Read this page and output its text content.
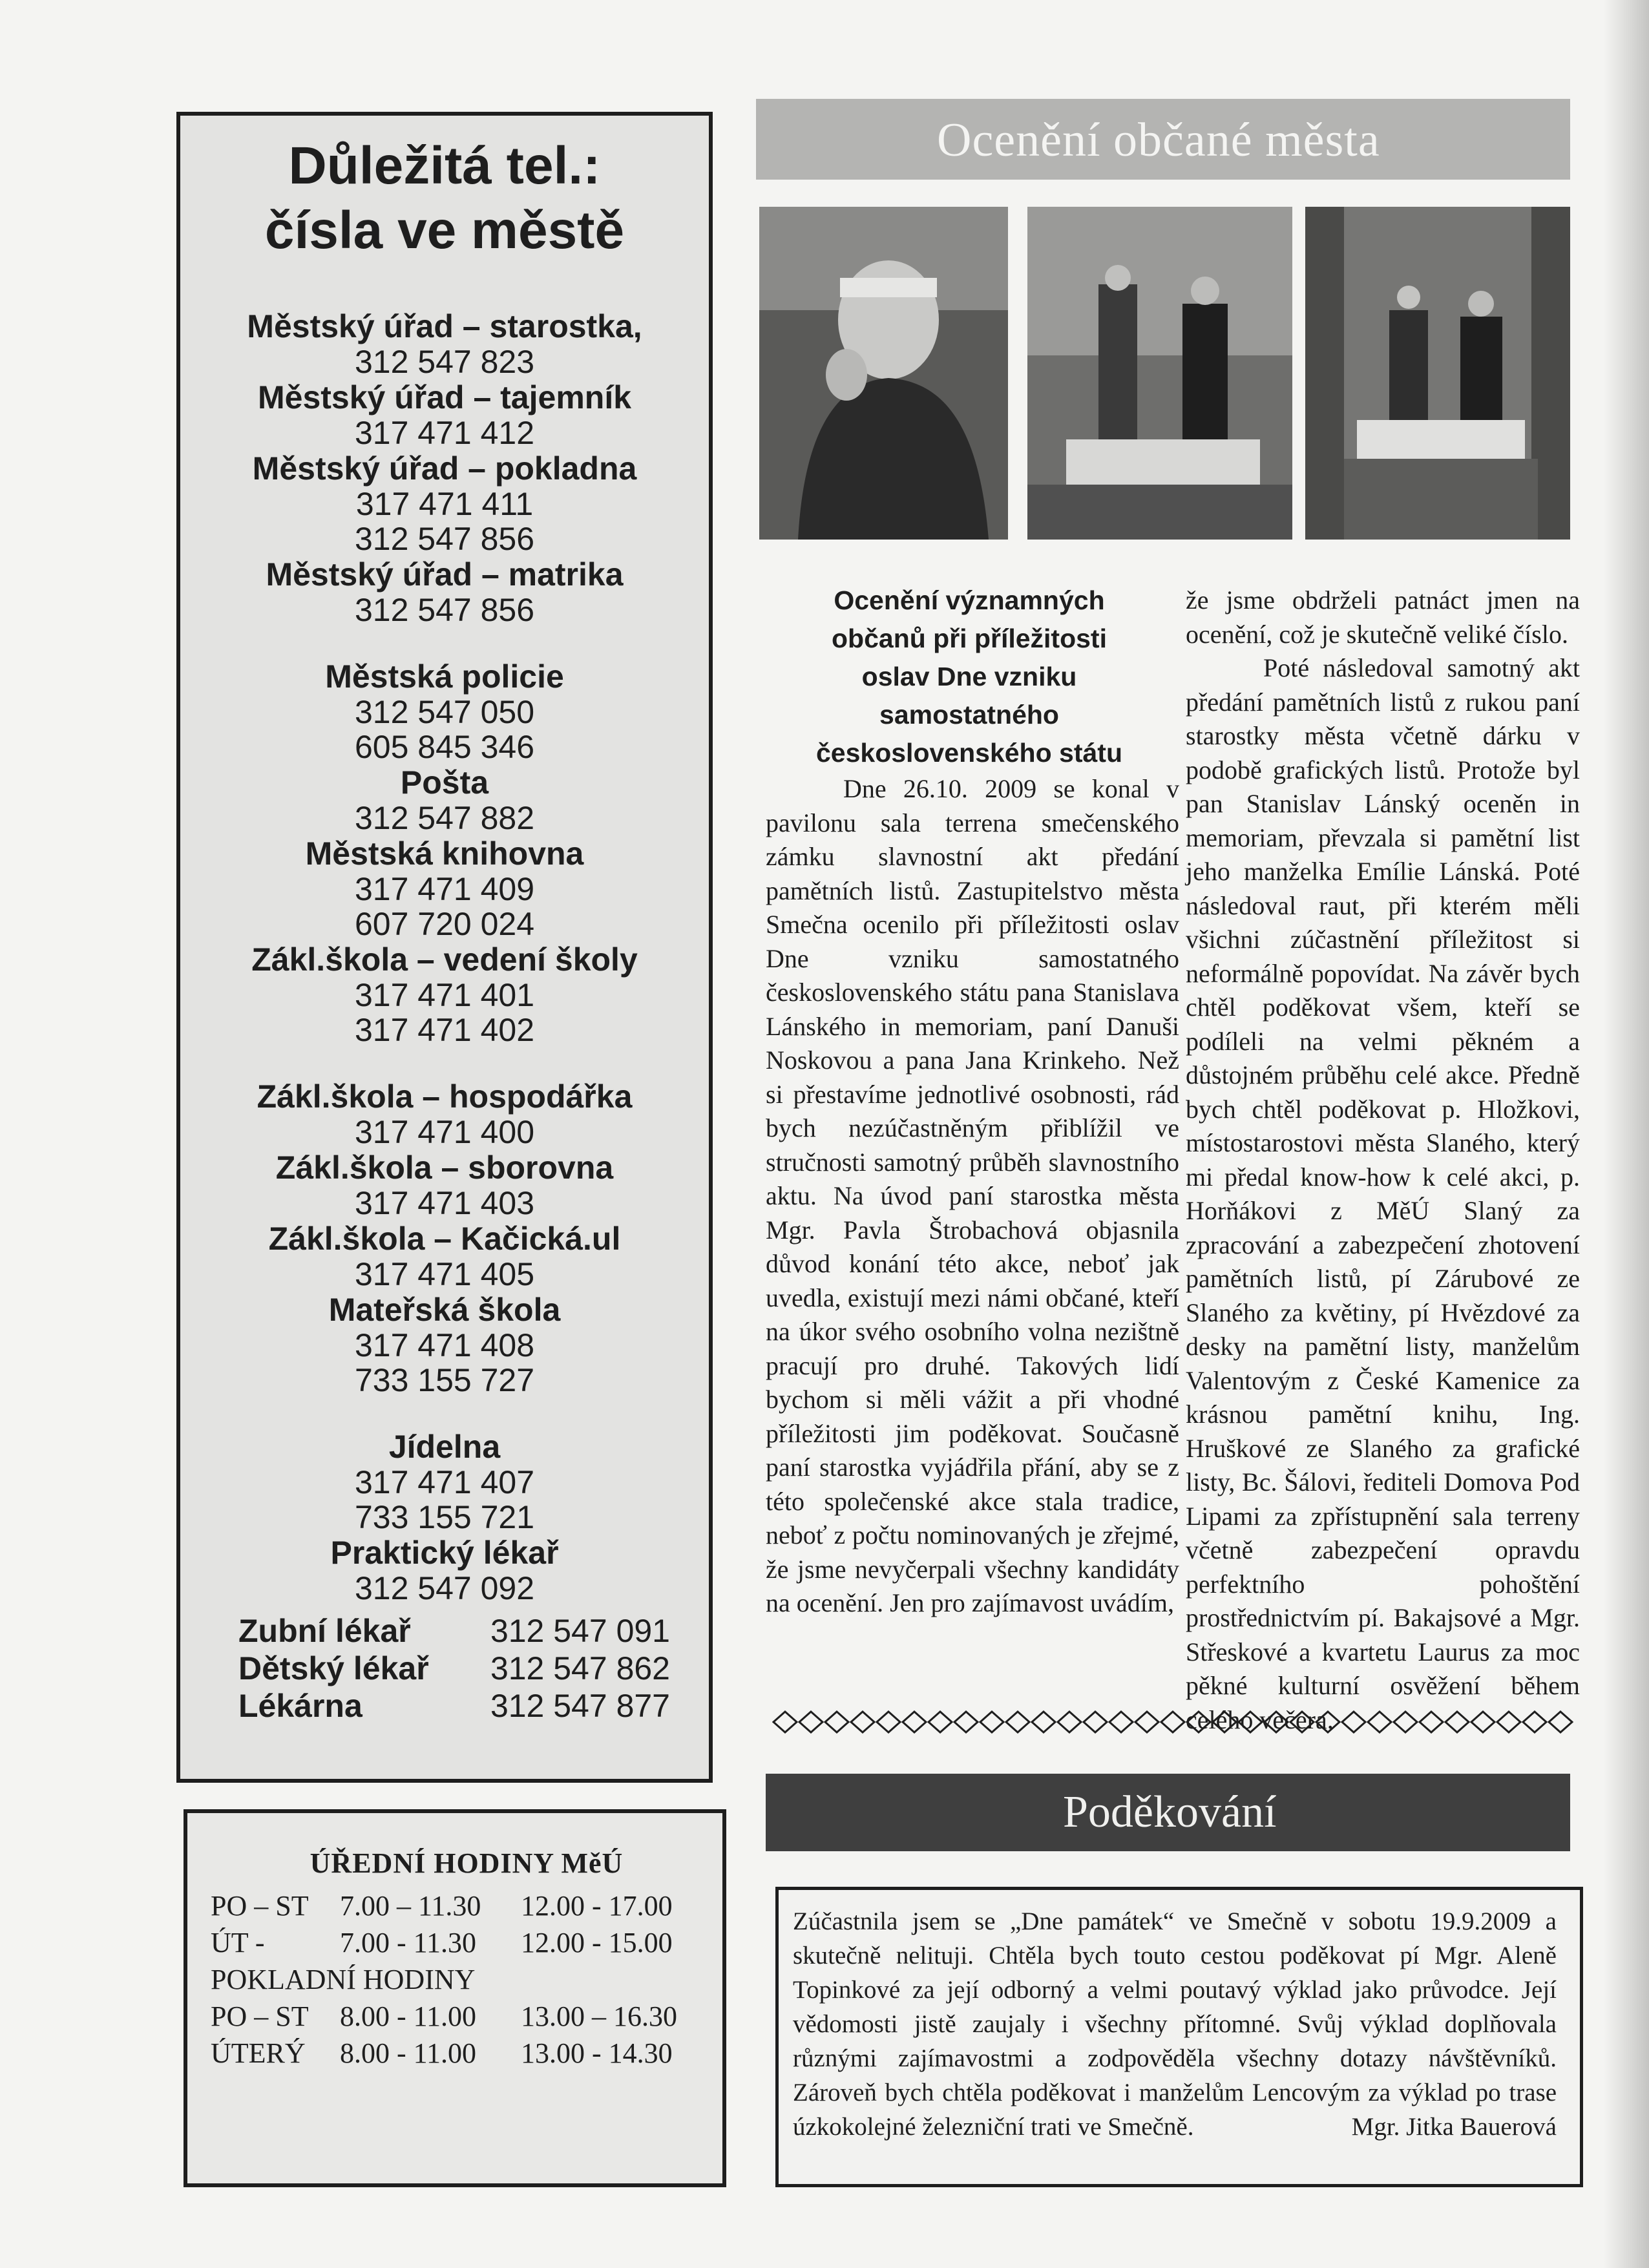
Důležitá tel.:
čísla ve městě
Městský úřad – starostka,
312 547 823
Městský úřad – tajemník
317 471 412
Městský úřad – pokladna
317 471 411
312 547 856
Městský úřad – matrika
312 547 856
Městská policie
312 547 050
605 845 346
Pošta
312 547 882
Městská knihovna
317 471 409
607 720 024
Zákl.škola – vedení školy
317 471 401
317 471 402
Zákl.škola – hospodářka
317 471 400
Zákl.škola – sborovna
317 471 403
Zákl.škola – Kačická.ul
317 471 405
Mateřská škola
317 471 408
733 155 727
Jídelna
317 471 407
733 155 721
Praktický lékař
312 547 092
Zubní lékař 312 547 091
Dětský lékař 312 547 862
Lékárna	312 547 877
ÚŘEDNÍ HODINY MěÚ
PO – ST	7.00 – 11.30	12.00 - 17.00
ÚT -	7.00 - 11.30	12.00 - 15.00
POKLADNÍ HODINY
PO – ST	8.00 - 11.00	13.00 – 16.30
ÚTERÝ	8.00 - 11.00	13.00 - 14.30
Ocenění občané města
Ocenění významných
občanů při příležitosti
oslav Dne vzniku
samostatného
československého státu

Dne 26.10. 2009 se konal v pavilonu sala terrena smečenského zámku slavnostní akt předání pamětních listů. Zastupitelstvo města Smečna ocenilo při příležitosti oslav Dne vzniku samostatného československého státu pana Stanislava Lánského in memoriam, paní Danuši Noskovou a pana Jana Krinkeho. Než si přestavíme jednotlivé osobnosti, rád bych nezúčastněným přiblížil ve stručnosti samotný průběh slavnostního aktu. Na úvod paní starostka města Mgr. Pavla Štrobachová objasnila důvod konání této akce, neboť jak uvedla, existují mezi námi občané, kteří na úkor svého osobního volna nezištně pracují pro druhé. Takových lidí bychom si měli vážit a při vhodné příležitosti jim poděkovat. Současně paní starostka vyjádřila přání, aby se z této společenské akce stala tradice, neboť z počtu nominovaných je zřejmé, že jsme nevyčerpali všechny kandidáty na ocenění. Jen pro zajímavost uvádím,

že jsme obdrželi patnáct jmen na ocenění, což je skutečně veliké číslo.

Poté následoval samotný akt předání pamětních listů z rukou paní starostky města včetně dárku v podobě grafických listů. Protože byl pan Stanislav Lánský oceněn in memoriam, převzala si pamětní list jeho manželka Emílie Lánská. Poté následoval raut, při kterém měli všichni zúčastnění příležitost si neformálně popovídat. Na závěr bych chtěl poděkovat všem, kteří se podíleli na velmi pěkném a důstojném průběhu celé akce. Předně bych chtěl poděkovat p. Hložkovi, místostarostovi města Slaného, který mi předal know-how k celé akci, p. Horňákovi z MěÚ Slaný za zpracování a zabezpečení zhotovení pamětních listů, pí Zárubové ze Slaného za květiny, pí Hvězdové za desky na pamětní listy, manželům Valentovým z České Kamenice za krásnou pamětní knihu, Ing. Hruškové ze Slaného za grafické listy, Bc. Šálovi, řediteli Domova Pod Lipami za zpřístupnění sala terreny včetně zabezpečení opravdu perfektního pohoštění prostřednictvím pí. Bakajsové a Mgr. Střeskové a kvartetu Laurus za moc pěkné kulturní osvěžení během celého večera.

Poděkování
Zúčastnila jsem se „Dne památek“ ve Smečně v sobotu 19.9.2009 a skutečně nelituji. Chtěla bych touto cestou poděkovat pí Mgr. Aleně Topinkové za její odborný a velmi poutavý výklad jako průvodce. Její vědomosti jistě zaujaly i všechny přítomné. Svůj výklad doplňovala různými zajímavostmi a zodpověděla všechny dotazy návštěvníků. Zároveň bych chtěla poděkovat i manželům Lencovým za výklad po trase úzkokolejné železniční trati ve Smečně.	Mgr. Jitka Bauerová
